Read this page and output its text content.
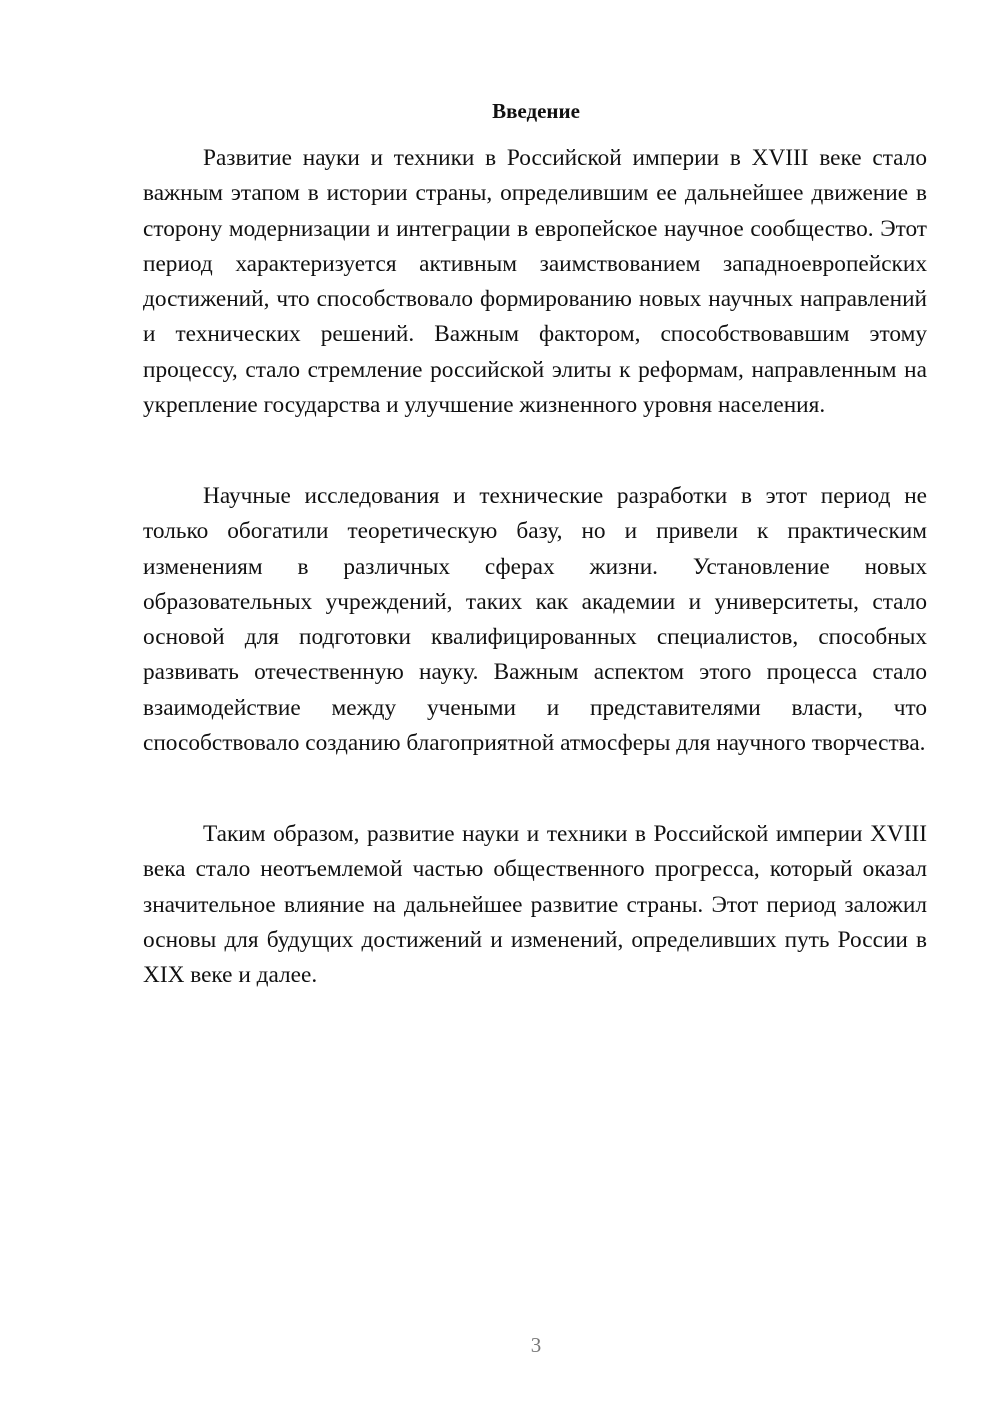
Введение

Развитие науки и техники в Российской империи в XVIII веке стало важным этапом в истории страны, определившим ее дальнейшее движение в сторону модернизации и интеграции в европейское научное сообщество. Этот период характеризуется активным заимствованием западноевропейских достижений, что способствовало формированию новых научных направлений и технических решений. Важным фактором, способствовавшим этому процессу, стало стремление российской элиты к реформам, направленным на укрепление государства и улучшение жизненного уровня населения.

Научные исследования и технические разработки в этот период не только обогатили теоретическую базу, но и привели к практическим изменениям в различных сферах жизни. Установление новых образовательных учреждений, таких как академии и университеты, стало основой для подготовки квалифицированных специалистов, способных развивать отечественную науку. Важным аспектом этого процесса стало взаимодействие между учеными и представителями власти, что способствовало созданию благоприятной атмосферы для научного творчества.

Таким образом, развитие науки и техники в Российской империи XVIII века стало неотъемлемой частью общественного прогресса, который оказал значительное влияние на дальнейшее развитие страны. Этот период заложил основы для будущих достижений и изменений, определивших путь России в XIX веке и далее.

3
